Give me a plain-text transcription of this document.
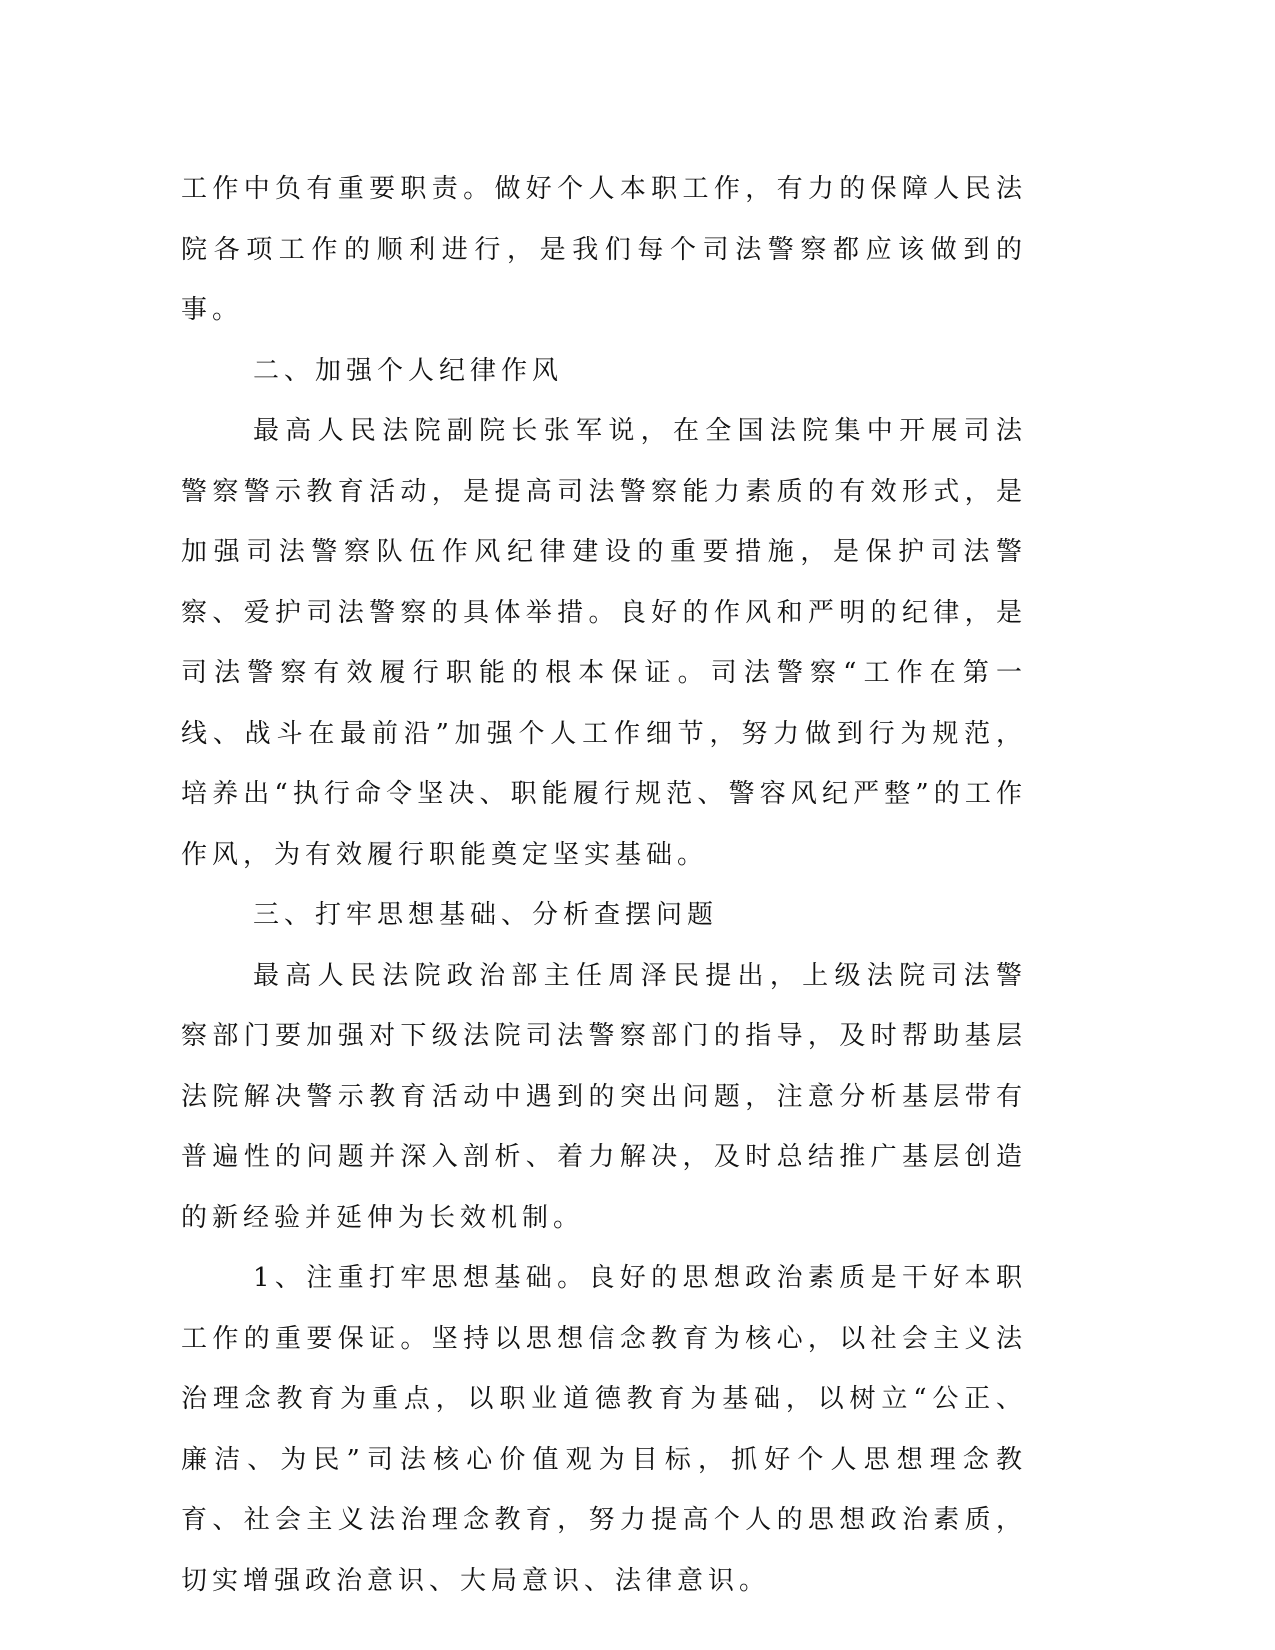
工作中负有重要职责。做好个人本职工作，有力的保障人民法院各项工作的顺利进行，是我们每个司法警察都应该做到的事。

二、加强个人纪律作风

最高人民法院副院长张军说，在全国法院集中开展司法警察警示教育活动，是提高司法警察能力素质的有效形式，是加强司法警察队伍作风纪律建设的重要措施，是保护司法警察、爱护司法警察的具体举措。良好的作风和严明的纪律，是司法警察有效履行职能的根本保证。司法警察“工作在第一线、战斗在最前沿”加强个人工作细节，努力做到行为规范，培养出“执行命令坚决、职能履行规范、警容风纪严整”的工作作风，为有效履行职能奠定坚实基础。

三、打牢思想基础、分析查摆问题

最高人民法院政治部主任周泽民提出，上级法院司法警察部门要加强对下级法院司法警察部门的指导，及时帮助基层法院解决警示教育活动中遇到的突出问题，注意分析基层带有普遍性的问题并深入剖析、着力解决，及时总结推广基层创造的新经验并延伸为长效机制。

1、注重打牢思想基础。良好的思想政治素质是干好本职工作的重要保证。坚持以思想信念教育为核心，以社会主义法治理念教育为重点，以职业道德教育为基础，以树立“公正、廉洁、为民”司法核心价值观为目标，抓好个人思想理念教育、社会主义法治理念教育，努力提高个人的思想政治素质，切实增强政治意识、大局意识、法律意识。
